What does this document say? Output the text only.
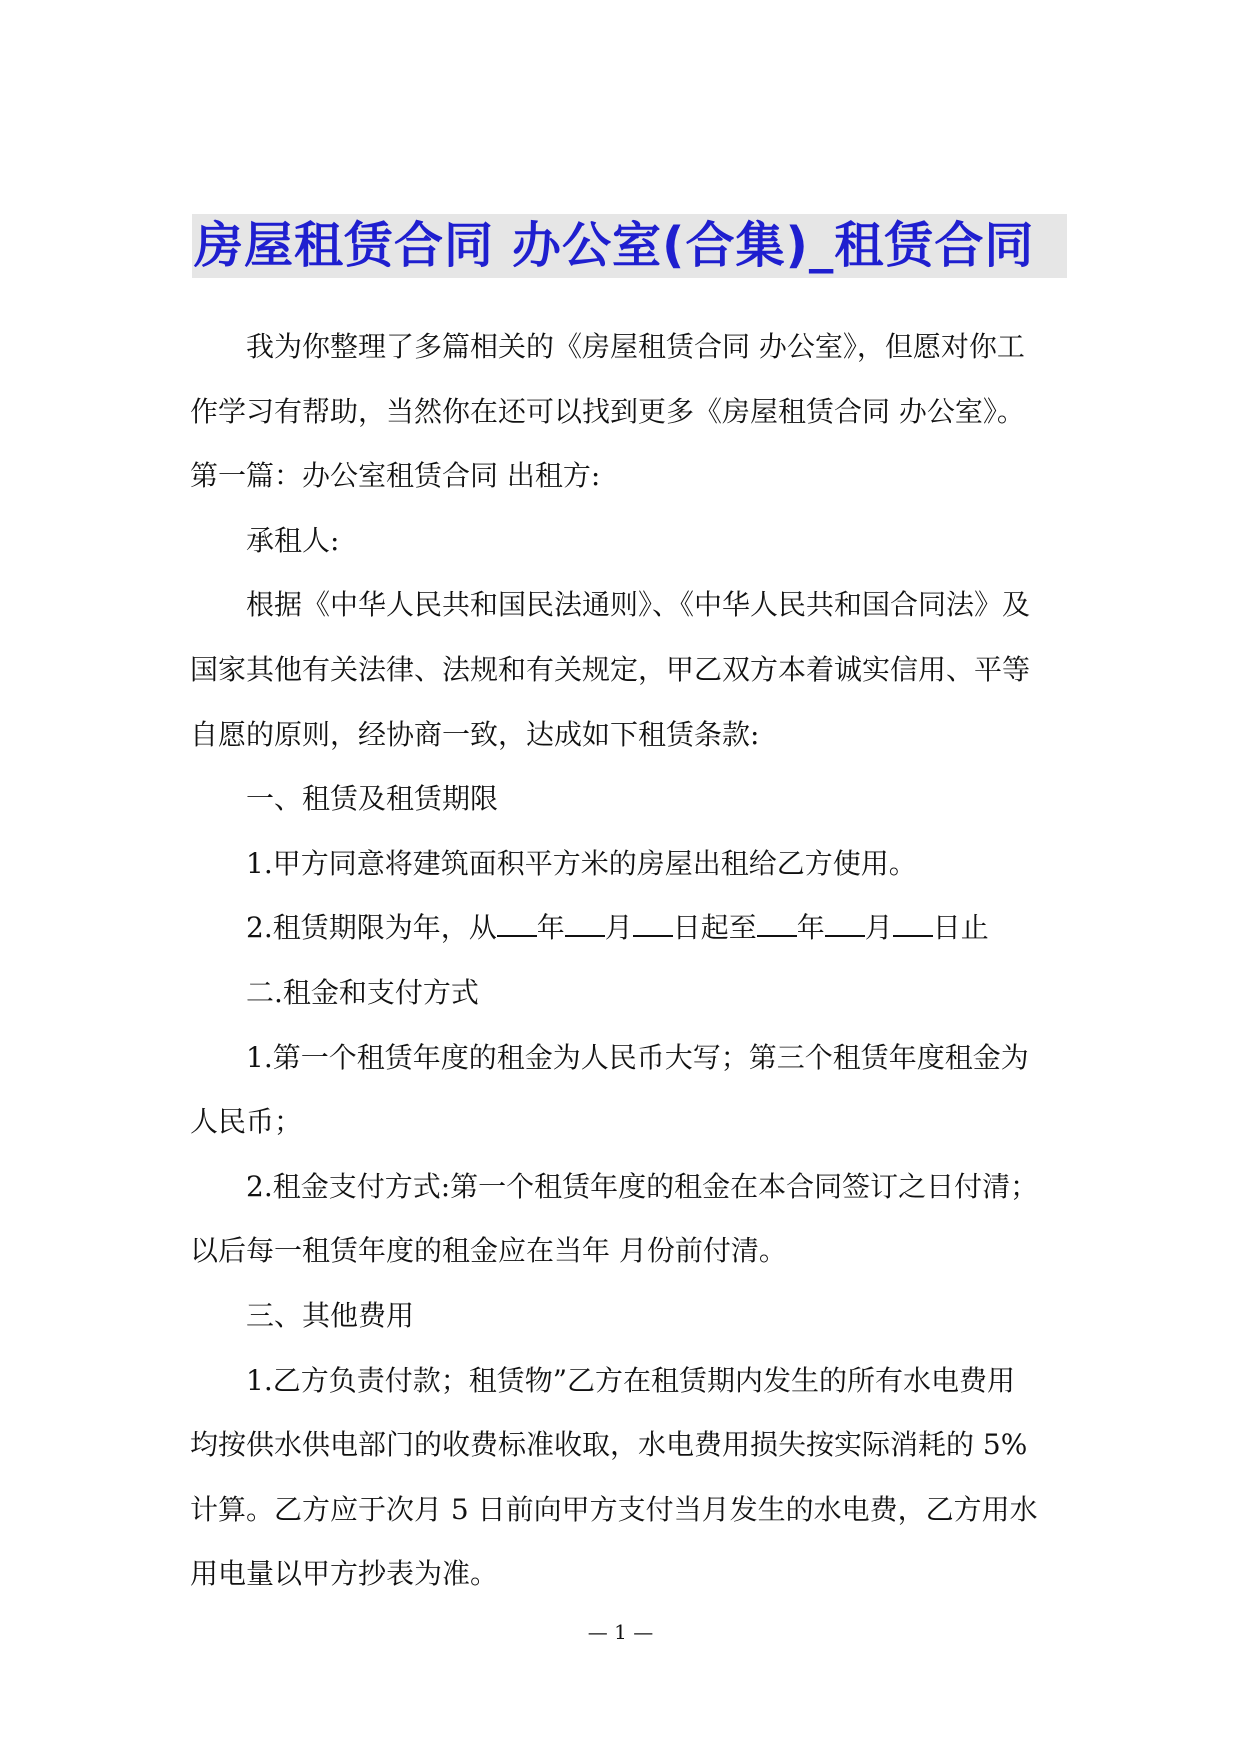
房屋租赁合同 办公室(合集)_租赁合同
我为你整理了多篇相关的《房屋租赁合同 办公室》，但愿对你工
作学习有帮助，当然你在还可以找到更多《房屋租赁合同 办公室》。
第一篇：办公室租赁合同 出租方:
承租人:
根据《中华人民共和国民法通则》、《中华人民共和国合同法》及
国家其他有关法律、法规和有关规定，甲乙双方本着诚实信用、平等
自愿的原则，经协商一致，达成如下租赁条款:
一、租赁及租赁期限
1.甲方同意将建筑面积平方米的房屋出租给乙方使用。
2.租赁期限为年，从 年 月 日起至 年 月 日止
二.租金和支付方式
1.第一个租赁年度的租金为人民币大写；第三个租赁年度租金为
人民币；
2.租金支付方式:第一个租赁年度的租金在本合同签订之日付清；
以后每一租赁年度的租金应在当年 月份前付清。
三、其他费用
1.乙方负责付款；租赁物”乙方在租赁期内发生的所有水电费用
均按供水供电部门的收费标准收取，水电费用损失按实际消耗的 5%
计算。乙方应于次月 5 日前向甲方支付当月发生的水电费，乙方用水
用电量以甲方抄表为准。
— 1 —
